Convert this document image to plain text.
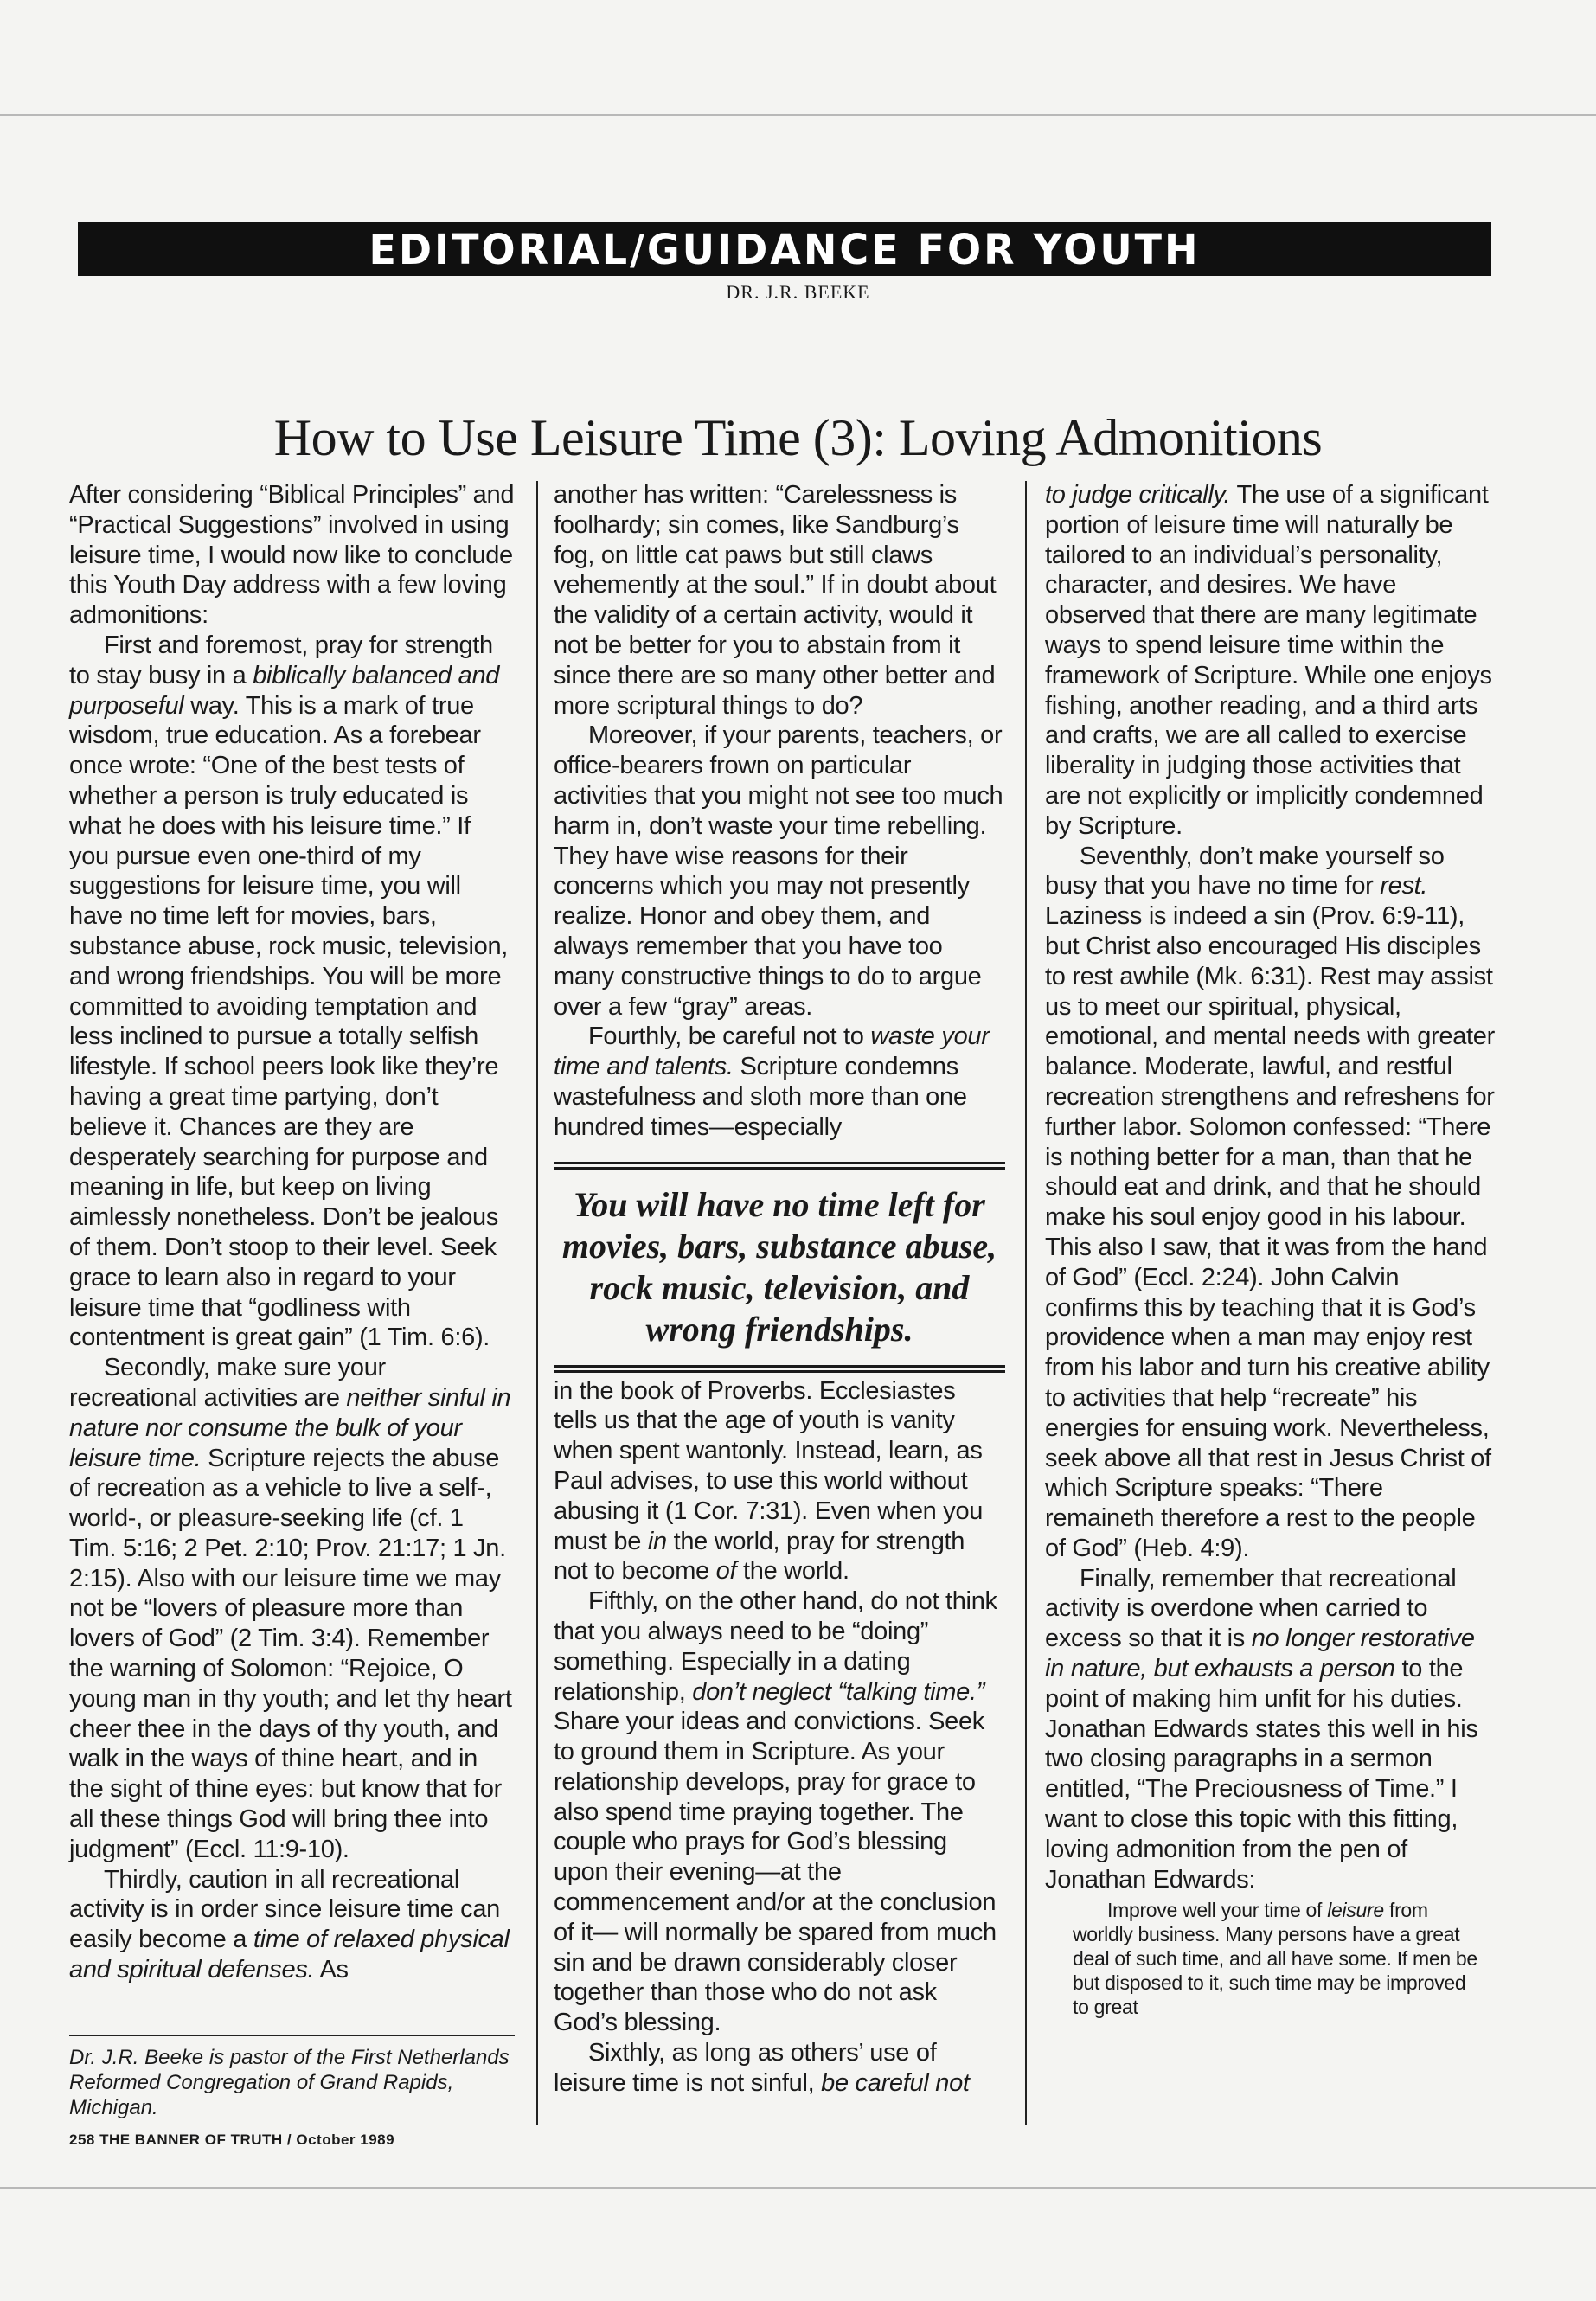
EDITORIAL/GUIDANCE FOR YOUTH
DR. J.R. BEEKE
How to Use Leisure Time (3): Loving Admonitions

After considering “Biblical Principles” and “Practical Suggestions” involved in using leisure time, I would now like to conclude this Youth Day address with a few loving admonitions:

First and foremost, pray for strength to stay busy in a biblically balanced and purposeful way. This is a mark of true wisdom, true education. As a forebear once wrote: “One of the best tests of whether a person is truly educated is what he does with his leisure time.” If you pursue even one-third of my suggestions for leisure time, you will have no time left for movies, bars, substance abuse, rock music, television, and wrong friendships. You will be more committed to avoiding temptation and less inclined to pursue a totally selfish lifestyle. If school peers look like they’re having a great time partying, don’t believe it. Chances are they are desperately searching for purpose and meaning in life, but keep on living aimlessly nonetheless. Don’t be jealous of them. Don’t stoop to their level. Seek grace to learn also in regard to your leisure time that “godliness with contentment is great gain” (1 Tim. 6:6).

Secondly, make sure your recreational activities are neither sinful in nature nor consume the bulk of your leisure time. Scripture rejects the abuse of recreation as a vehicle to live a self-, world-, or pleasure-seeking life (cf. 1 Tim. 5:16; 2 Pet. 2:10; Prov. 21:17; 1 Jn. 2:15). Also with our leisure time we may not be “lovers of pleasure more than lovers of God” (2 Tim. 3:4). Remember the warning of Solomon: “Rejoice, O young man in thy youth; and let thy heart cheer thee in the days of thy youth, and walk in the ways of thine heart, and in the sight of thine eyes: but know that for all these things God will bring thee into judgment” (Eccl. 11:9-10).

Thirdly, caution in all recreational activity is in order since leisure time can easily become a time of relaxed physical and spiritual defenses. As

Dr. J.R. Beeke is pastor of the First Netherlands Reformed Congregation of Grand Rapids, Michigan.
258 THE BANNER OF TRUTH / October 1989

another has written: “Carelessness is foolhardy; sin comes, like Sandburg’s fog, on little cat paws but still claws vehemently at the soul.” If in doubt about the validity of a certain activity, would it not be better for you to abstain from it since there are so many other better and more scriptural things to do?

Moreover, if your parents, teachers, or office-bearers frown on particular activities that you might not see too much harm in, don’t waste your time rebelling. They have wise reasons for their concerns which you may not presently realize. Honor and obey them, and always remember that you have too many constructive things to do to argue over a few “gray” areas.

Fourthly, be careful not to waste your time and talents. Scripture condemns wastefulness and sloth more than one hundred times—especially

in the book of Proverbs. Ecclesiastes tells us that the age of youth is vanity when spent wantonly. Instead, learn, as Paul advises, to use this world without abusing it (1 Cor. 7:31). Even when you must be in the world, pray for strength not to become of the world.

Fifthly, on the other hand, do not think that you always need to be “doing” something. Especially in a dating relationship, don’t neglect “talking time.” Share your ideas and convictions. Seek to ground them in Scripture. As your relationship develops, pray for grace to also spend time praying together. The couple who prays for God’s blessing upon their evening—at the commencement and/or at the conclusion of it— will normally be spared from much sin and be drawn considerably closer together than those who do not ask God’s blessing.

Sixthly, as long as others’ use of leisure time is not sinful, be careful not

You will have no time left for movies, bars, substance abuse, rock music, television, and wrong friendships.

to judge critically. The use of a significant portion of leisure time will naturally be tailored to an individual’s personality, character, and desires. We have observed that there are many legitimate ways to spend leisure time within the framework of Scripture. While one enjoys fishing, another reading, and a third arts and crafts, we are all called to exercise liberality in judging those activities that are not explicitly or implicitly condemned by Scripture.

Seventhly, don’t make yourself so busy that you have no time for rest. Laziness is indeed a sin (Prov. 6:9-11), but Christ also encouraged His disciples to rest awhile (Mk. 6:31). Rest may assist us to meet our spiritual, physical, emotional, and mental needs with greater balance. Moderate, lawful, and restful recreation strengthens and refreshens for further labor. Solomon confessed: “There is nothing better for a man, than that he should eat and drink, and that he should make his soul enjoy good in his labour. This also I saw, that it was from the hand of God” (Eccl. 2:24). John Calvin confirms this by teaching that it is God’s providence when a man may enjoy rest from his labor and turn his creative ability to activities that help “recreate” his energies for ensuing work. Nevertheless, seek above all that rest in Jesus Christ of which Scripture speaks: “There remaineth therefore a rest to the people of God” (Heb. 4:9).

Finally, remember that recreational activity is overdone when carried to excess so that it is no longer restorative in nature, but exhausts a person to the point of making him unfit for his duties. Jonathan Edwards states this well in his two closing paragraphs in a sermon entitled, “The Preciousness of Time.” I want to close this topic with this fitting, loving admonition from the pen of Jonathan Edwards:

Improve well your time of leisure from worldly business. Many persons have a great deal of such time, and all have some. If men be but disposed to it, such time may be improved to great
